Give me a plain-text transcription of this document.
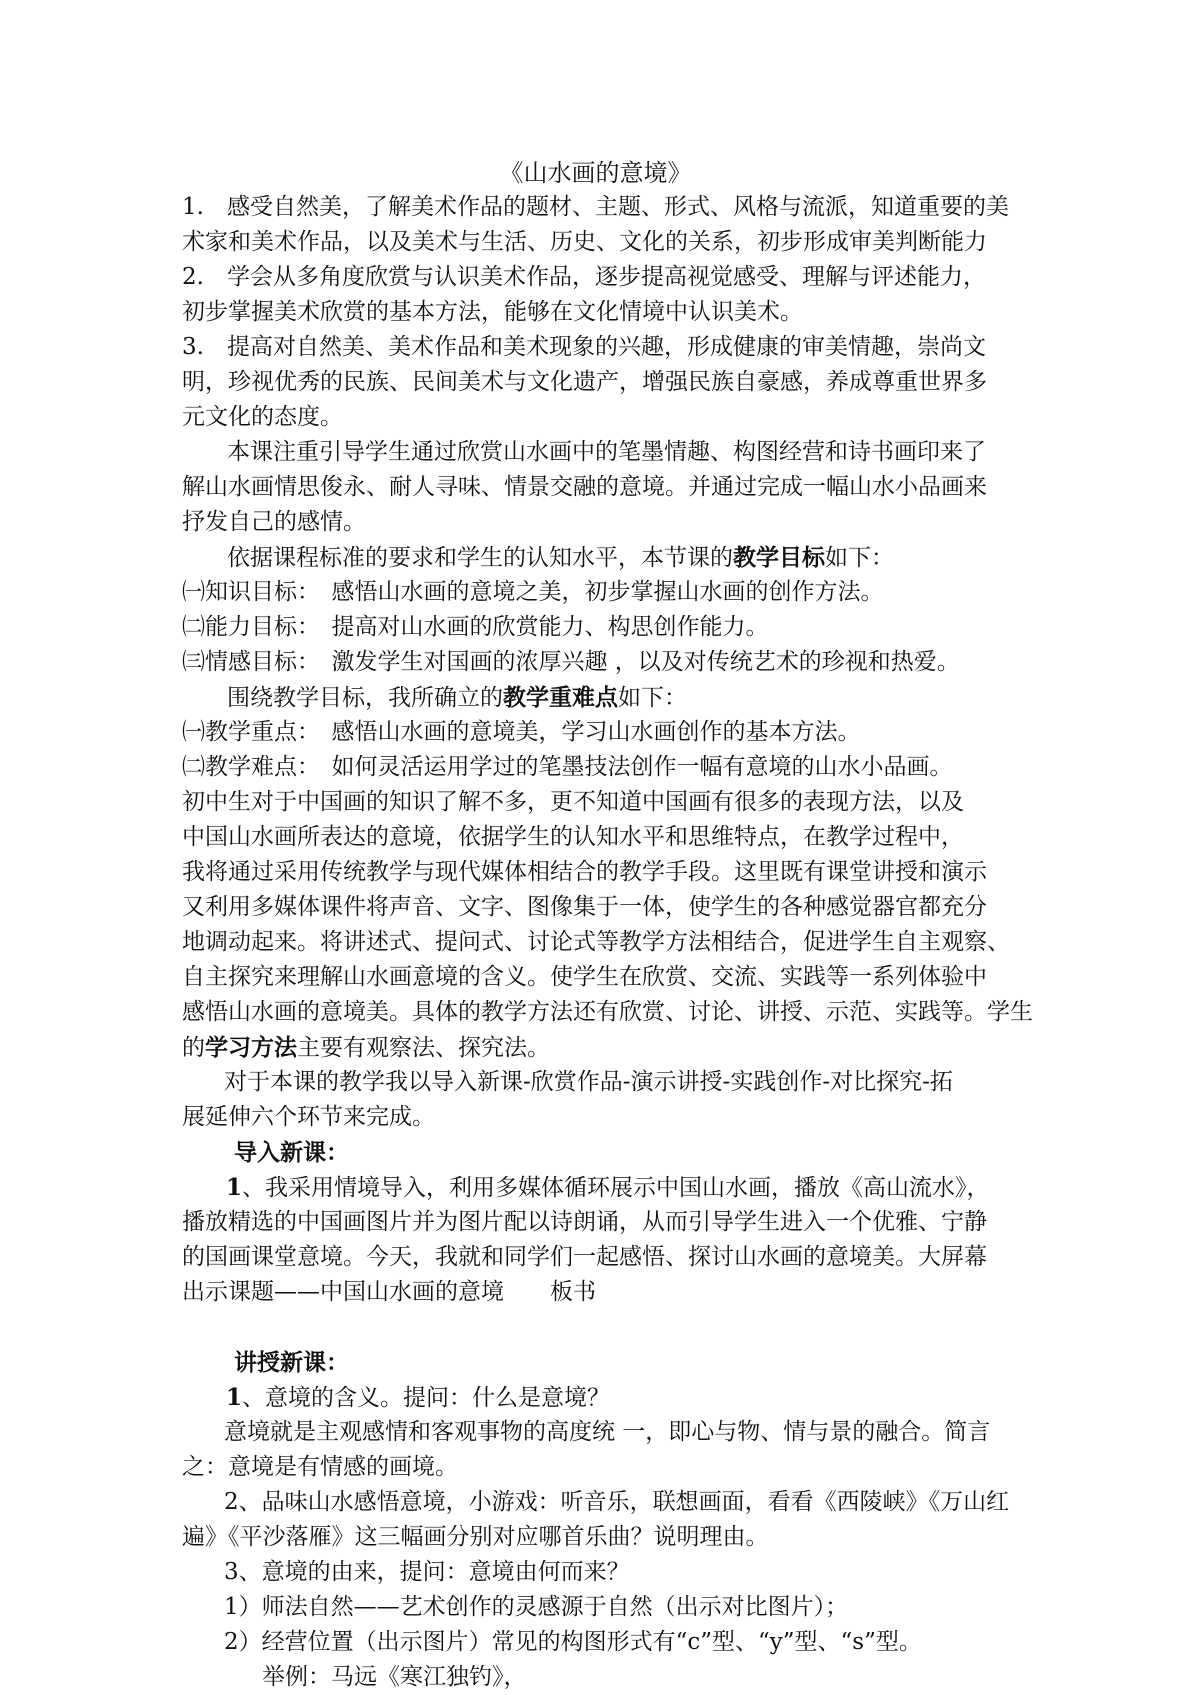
《山水画的意境》
1.　感受自然美，了解美术作品的题材、主题、形式、风格与流派，知道重要的美
术家和美术作品，以及美术与生活、历史、文化的关系，初步形成审美判断能力
2.　学会从多角度欣赏与认识美术作品，逐步提高视觉感受、理解与评述能力，
初步掌握美术欣赏的基本方法，能够在文化情境中认识美术。
3.　提高对自然美、美术作品和美术现象的兴趣，形成健康的审美情趣，崇尚文
明，珍视优秀的民族、民间美术与文化遗产，增强民族自豪感，养成尊重世界多
元文化的态度。
本课注重引导学生通过欣赏山水画中的笔墨情趣、构图经营和诗书画印来了
解山水画情思俊永、耐人寻味、情景交融的意境。并通过完成一幅山水小品画来
抒发自己的感情。
依据课程标准的要求和学生的认知水平，本节课的教学目标如下：
㈠知识目标：　感悟山水画的意境之美，初步掌握山水画的创作方法。
㈡能力目标：　提高对山水画的欣赏能力、构思创作能力。
㈢情感目标：　激发学生对国画的浓厚兴趣 ，以及对传统艺术的珍视和热爱。
围绕教学目标，我所确立的教学重难点如下：
㈠教学重点：　感悟山水画的意境美，学习山水画创作的基本方法。
㈡教学难点：　如何灵活运用学过的笔墨技法创作一幅有意境的山水小品画。
初中生对于中国画的知识了解不多，更不知道中国画有很多的表现方法，以及
中国山水画所表达的意境，依据学生的认知水平和思维特点，在教学过程中，
我将通过采用传统教学与现代媒体相结合的教学手段。这里既有课堂讲授和演示
又利用多媒体课件将声音、文字、图像集于一体，使学生的各种感觉器官都充分
地调动起来。将讲述式、提问式、讨论式等教学方法相结合，促进学生自主观察、
自主探究来理解山水画意境的含义。使学生在欣赏、交流、实践等一系列体验中
感悟山水画的意境美。具体的教学方法还有欣赏、讨论、讲授、示范、实践等。学生
的学习方法主要有观察法、探究法。
对于本课的教学我以导入新课-欣赏作品-演示讲授-实践创作-对比探究-拓
展延伸六个环节来完成。
导入新课：
1、我采用情境导入，利用多媒体循环展示中国山水画，播放《高山流水》，
播放精选的中国画图片并为图片配以诗朗诵，从而引导学生进入一个优雅、宁静
的国画课堂意境。今天，我就和同学们一起感悟、探讨山水画的意境美。大屏幕
出示课题——中国山水画的意境　　板书
讲授新课：
1、意境的含义。提问：什么是意境？
意境就是主观感情和客观事物的高度统 一，即心与物、情与景的融合。简言
之：意境是有情感的画境。
2、品味山水感悟意境，小游戏：听音乐，联想画面，看看《西陵峡》《万山红
遍》《平沙落雁》这三幅画分别对应哪首乐曲？说明理由。
3、意境的由来，提问：意境由何而来？
1）师法自然——艺术创作的灵感源于自然（出示对比图片）；
2）经营位置（出示图片）常见的构图形式有“c”型、“y”型、“s”型。
举例：马远《寒江独钓》，
